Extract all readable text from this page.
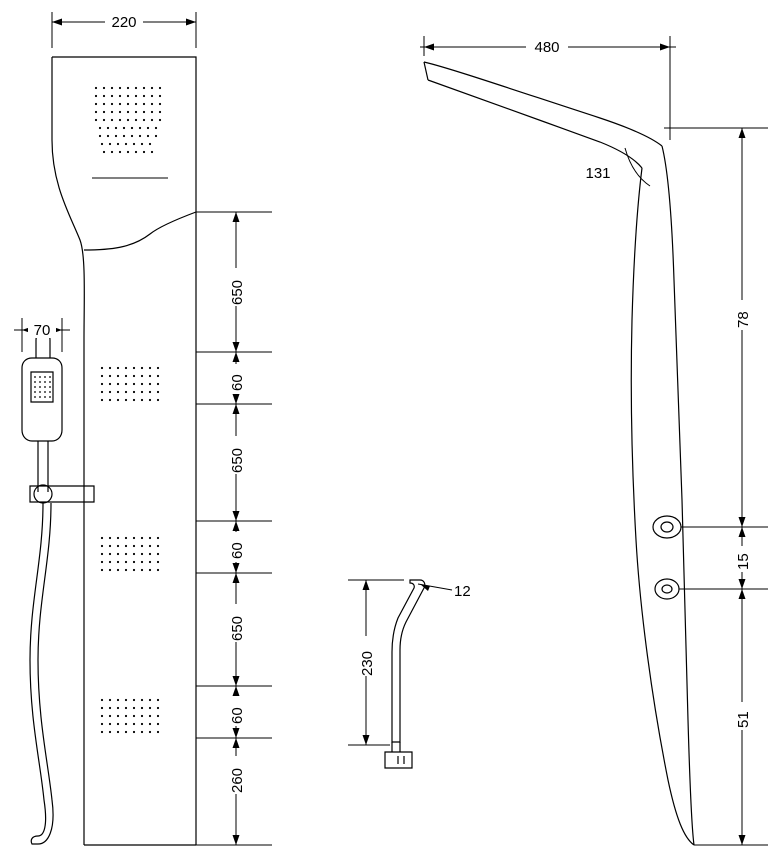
220
70
650
60
650
60
650
60
260
12
230
480
131
78
15
51
